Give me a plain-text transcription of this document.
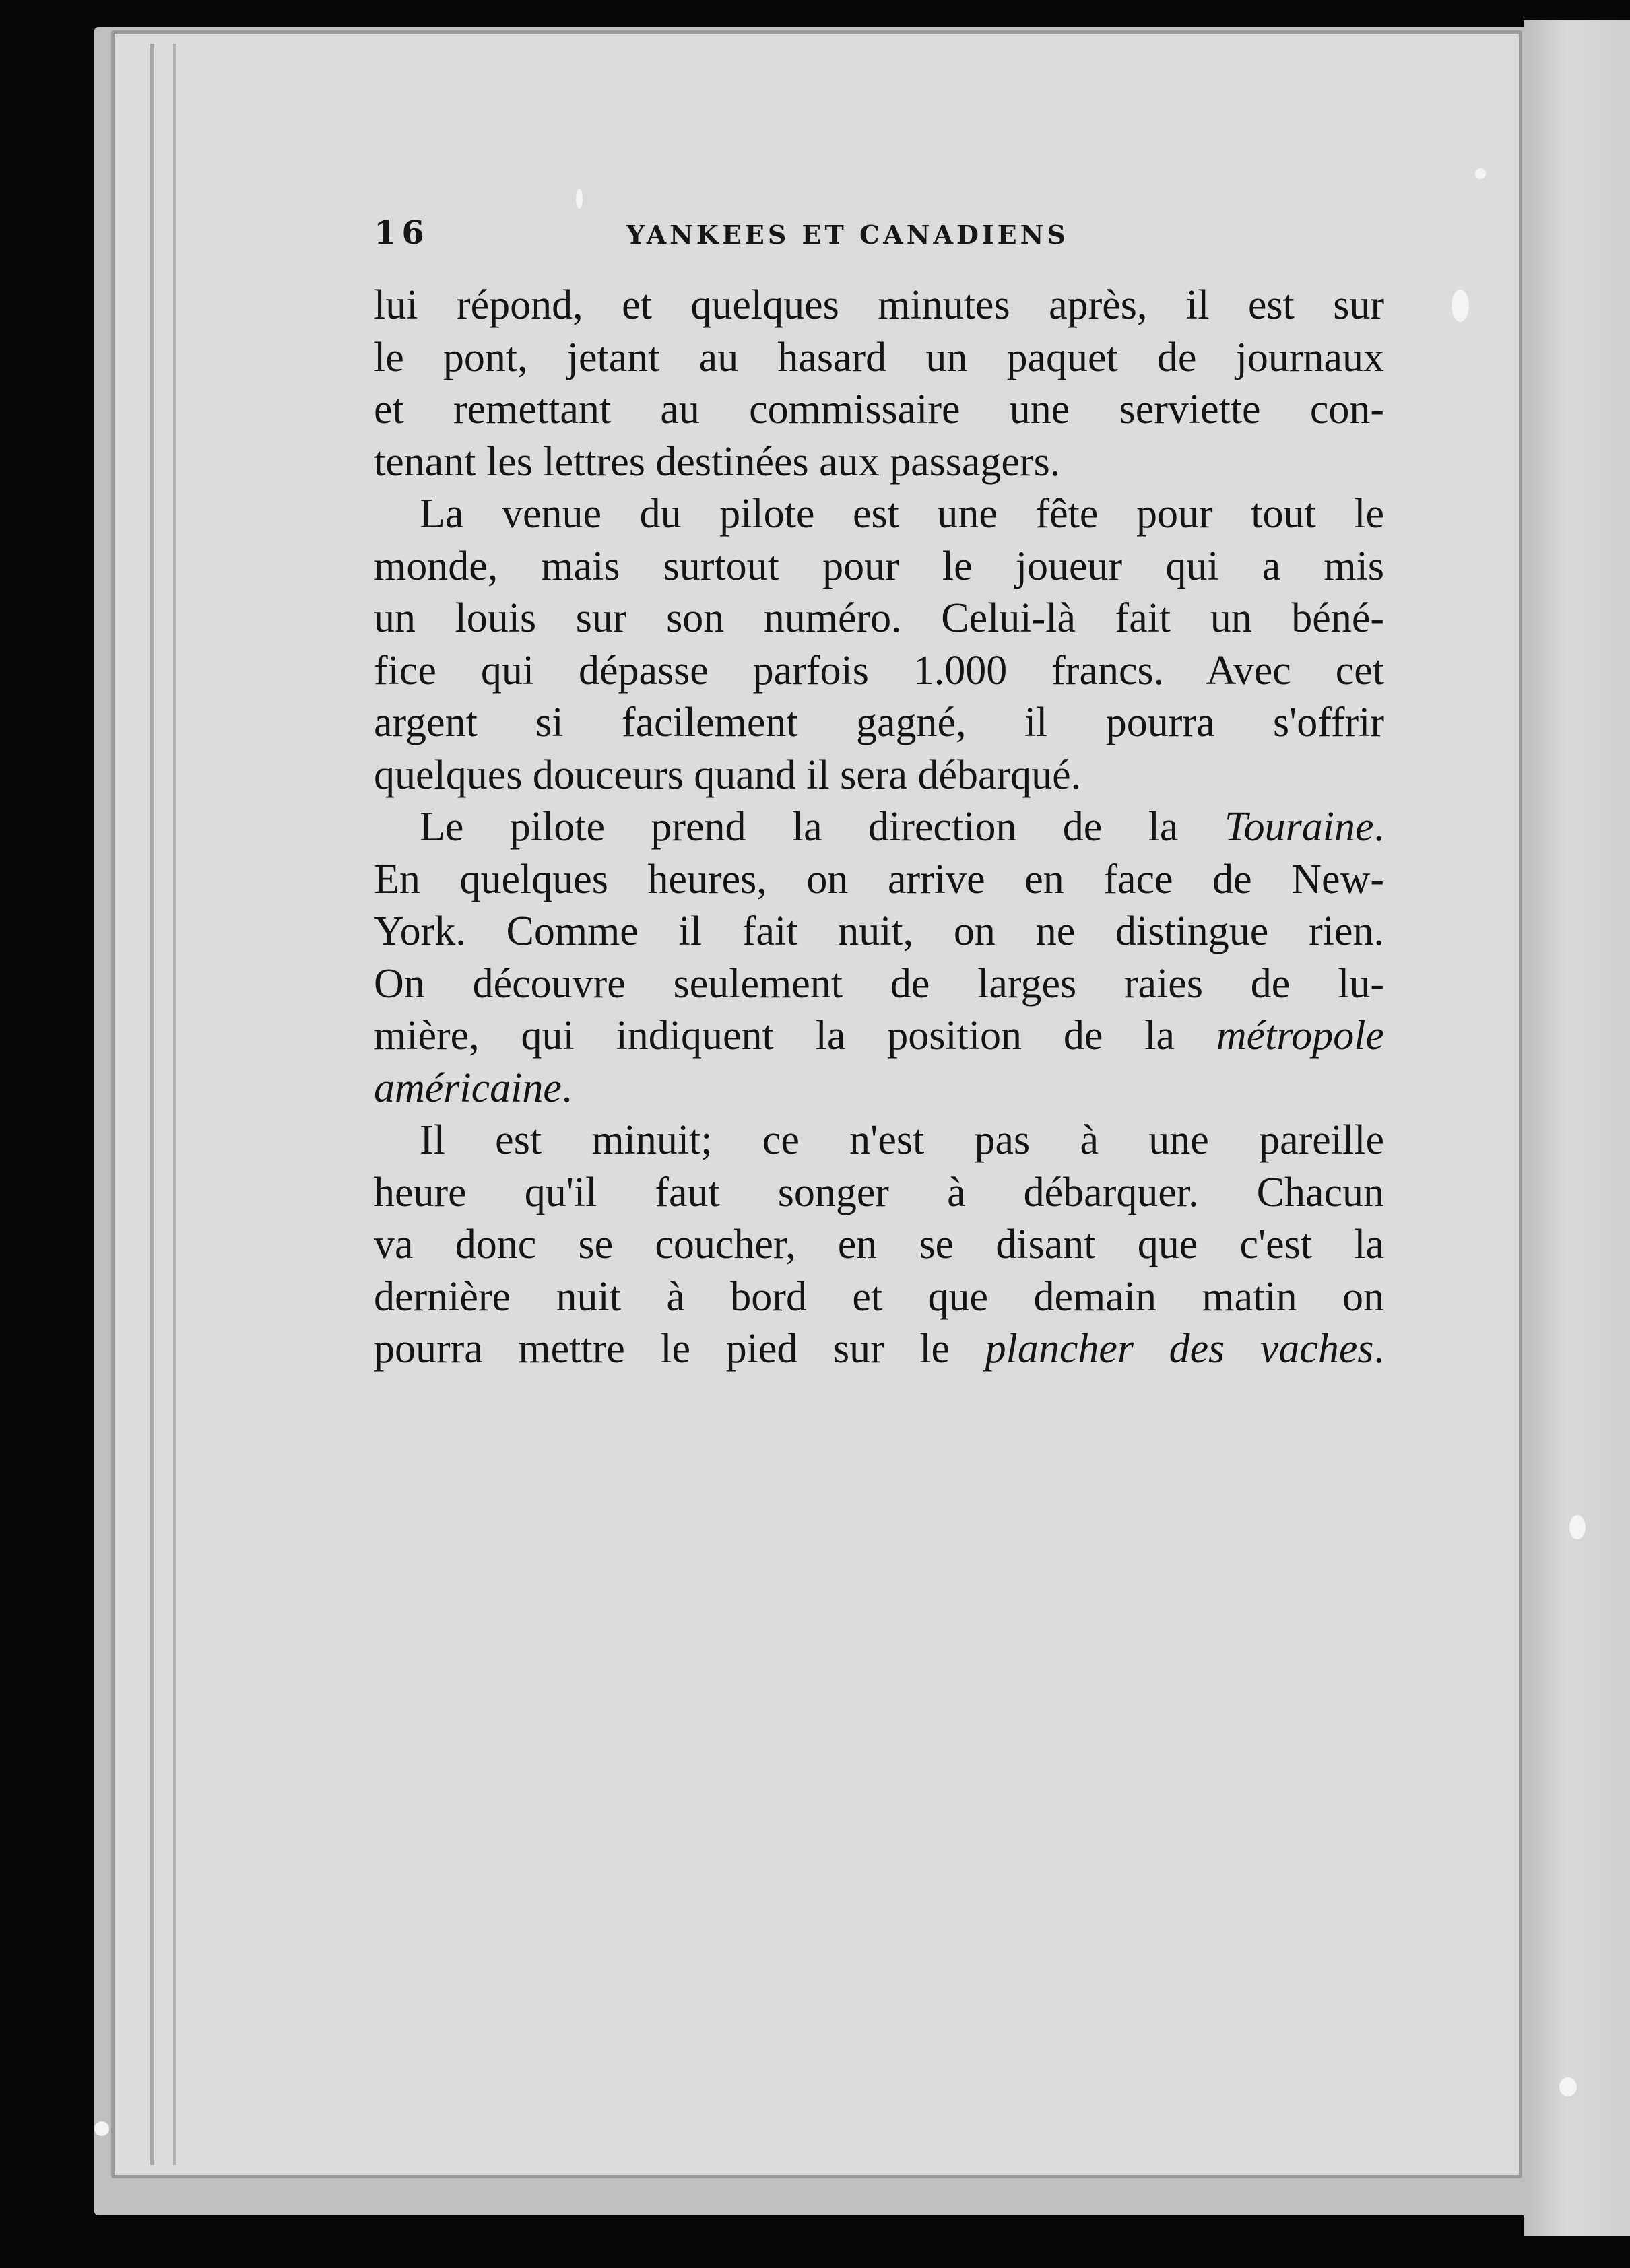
16	YANKEES ET CANADIENS

lui répond, et quelques minutes après, il est sur
le pont, jetant au hasard un paquet de journaux
et remettant au commissaire une serviette con-
tenant les lettres destinées aux passagers.

La venue du pilote est une fête pour tout le
monde, mais surtout pour le joueur qui a mis
un louis sur son numéro. Celui-là fait un béné-
fice qui dépasse parfois 1.000 francs. Avec cet
argent si facilement gagné, il pourra s'offrir
quelques douceurs quand il sera débarqué.

Le pilote prend la direction de la Touraine.
En quelques heures, on arrive en face de New-
York. Comme il fait nuit, on ne distingue rien.
On découvre seulement de larges raies de lu-
mière, qui indiquent la position de la métropole
américaine.

Il est minuit; ce n'est pas à une pareille
heure qu'il faut songer à débarquer. Chacun
va donc se coucher, en se disant que c'est la
dernière nuit à bord et que demain matin on
pourra mettre le pied sur le plancher des vaches.
